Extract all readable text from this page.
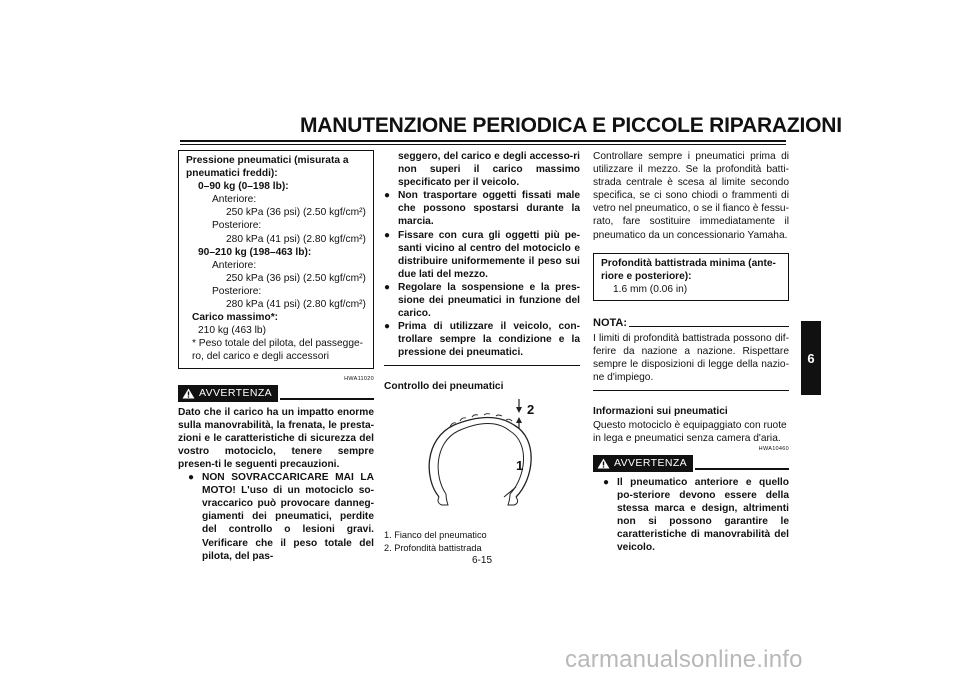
MANUTENZIONE PERIODICA E PICCOLE RIPARAZIONI
6
Pressione pneumatici (misurata a pneumatici freddi):
0–90 kg (0–198 lb):
Anteriore:
250 kPa (36 psi) (2.50 kgf/cm²)
Posteriore:
280 kPa (41 psi) (2.80 kgf/cm²)
90–210 kg (198–463 lb):
Anteriore:
250 kPa (36 psi) (2.50 kgf/cm²)
Posteriore:
280 kPa (41 psi) (2.80 kgf/cm²)
Carico massimo*:
210 kg (463 lb)
* Peso totale del pilota, del passegge-ro, del carico e degli accessori
HWA11020
AVVERTENZA
Dato che il carico ha un impatto enorme sulla manovrabilità, la frenata, le presta-zioni e le caratteristiche di sicurezza del vostro motociclo, tenere sempre presen-ti le seguenti precauzioni.
● NON SOVRACCARICARE MAI LA MOTO! L'uso di un motociclo so-vraccarico può provocare danneg-giamenti dei pneumatici, perdite del controllo o lesioni gravi. Verificare che il peso totale del pilota, del pas-
seggero, del carico e degli accesso-ri non superi il carico massimo specificato per il veicolo.
● Non trasportare oggetti fissati male che possono spostarsi durante la marcia.
● Fissare con cura gli oggetti più pe-santi vicino al centro del motociclo e distribuire uniformemente il peso sui due lati del mezzo.
● Regolare la sospensione e la pres-sione dei pneumatici in funzione del carico.
● Prima di utilizzare il veicolo, con-trollare sempre la condizione e la pressione dei pneumatici.
Controllo dei pneumatici
2
1
1. Fianco del pneumatico
2. Profondità battistrada
Controllare sempre i pneumatici prima di utilizzare il mezzo. Se la profondità batti-strada centrale è scesa al limite secondo specifica, se ci sono chiodi o frammenti di vetro nel pneumatico, o se il fianco è fessu-rato, fare sostituire immediatamente il pneumatico da un concessionario Yamaha.
Profondità battistrada minima (ante-riore e posteriore):
1.6 mm (0.06 in)
NOTA:
I limiti di profondità battistrada possono dif-ferire da nazione a nazione. Rispettare sempre le disposizioni di legge della nazio-ne d'impiego.
Informazioni sui pneumatici
Questo motociclo è equipaggiato con ruote in lega e pneumatici senza camera d'aria.
HWA10460
AVVERTENZA
● Il pneumatico anteriore e quello po-steriore devono essere della stessa marca e design, altrimenti non si possono garantire le caratteristiche di manovrabilità del veicolo.
6-15
carmanualsonline.info
